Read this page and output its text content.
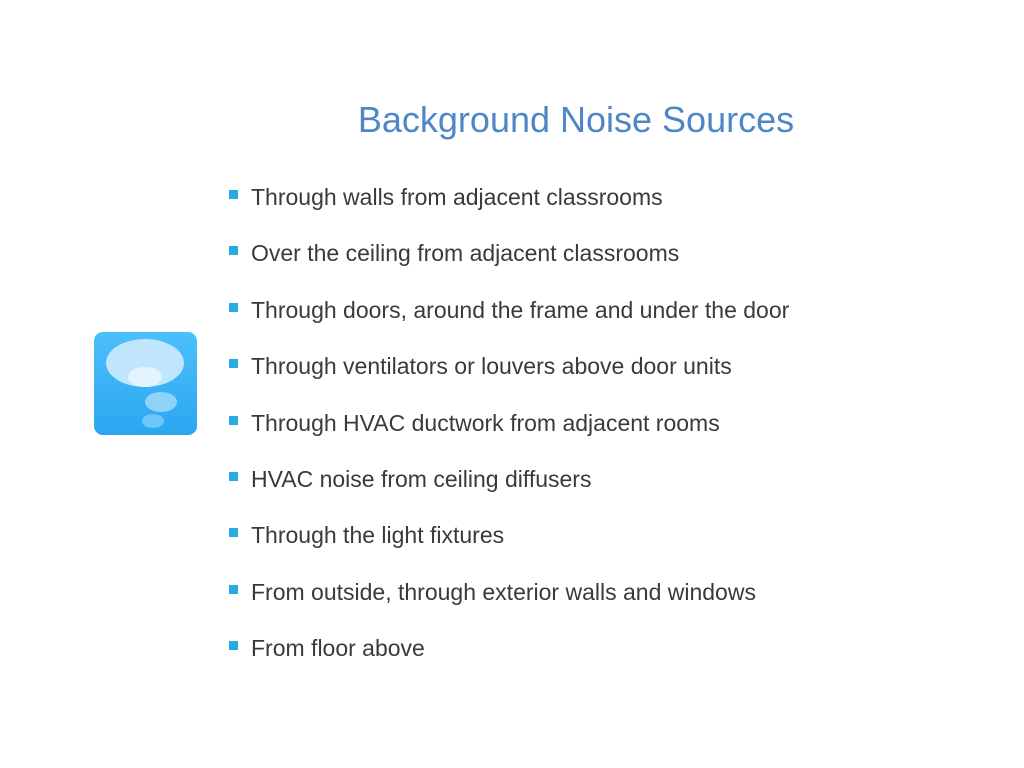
Background Noise Sources
Through walls from adjacent classrooms
Over the ceiling from adjacent classrooms
Through doors, around the frame and under the door
Through ventilators or louvers above door units
Through HVAC ductwork from adjacent rooms
HVAC noise from ceiling diffusers
Through the light fixtures
From outside, through exterior walls and windows
From floor above
